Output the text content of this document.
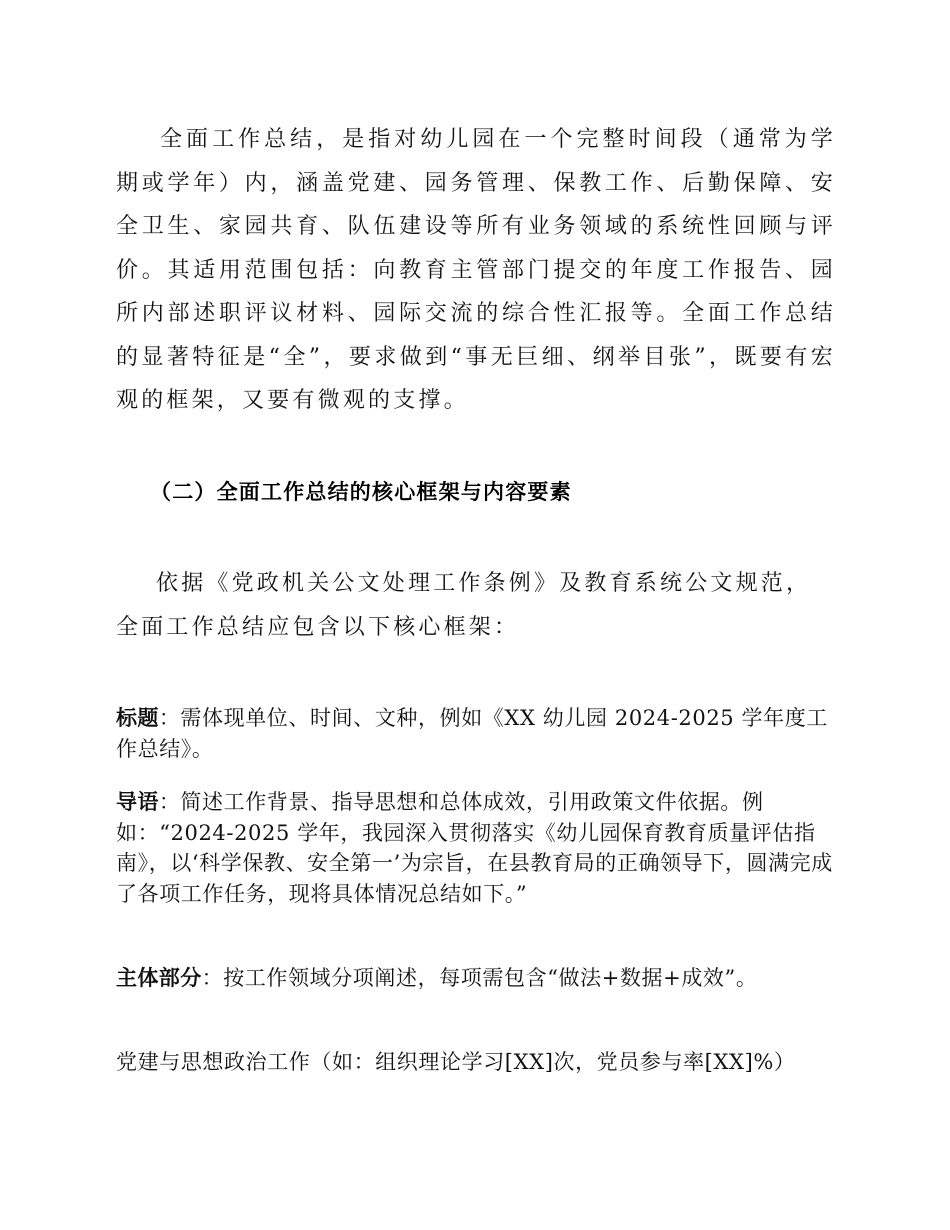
全面工作总结，是指对幼儿园在一个完整时间段（通常为学期或学年）内，涵盖党建、园务管理、保教工作、后勤保障、安全卫生、家园共育、队伍建设等所有业务领域的系统性回顾与评价。其适用范围包括：向教育主管部门提交的年度工作报告、园所内部述职评议材料、园际交流的综合性汇报等。全面工作总结的显著特征是“全”，要求做到“事无巨细、纲举目张”，既要有宏观的框架，又要有微观的支撑。

（二）全面工作总结的核心框架与内容要素

依据《党政机关公文处理工作条例》及教育系统公文规范，全面工作总结应包含以下核心框架：

标题：需体现单位、时间、文种，例如《XX 幼儿园 2024-2025 学年度工作总结》。

导语：简述工作背景、指导思想和总体成效，引用政策文件依据。例如：“2024-2025 学年，我园深入贯彻落实《幼儿园保育教育质量评估指南》，以‘科学保教、安全第一’为宗旨，在县教育局的正确领导下，圆满完成了各项工作任务，现将具体情况总结如下。”

主体部分：按工作领域分项阐述，每项需包含“做法+数据+成效”。

党建与思想政治工作（如：组织理论学习[XX]次，党员参与率[XX]%）
